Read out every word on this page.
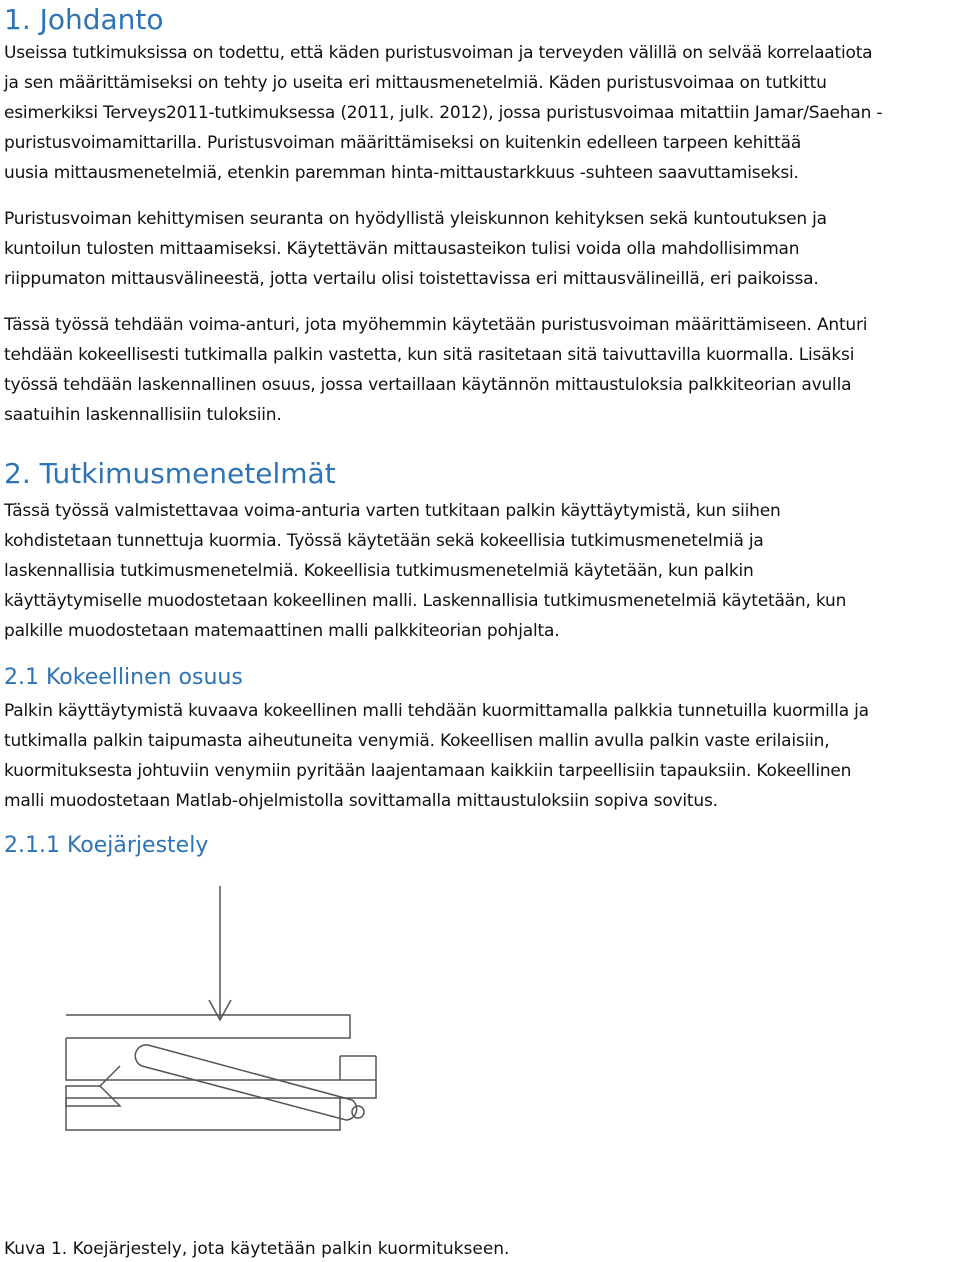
1. Johdanto

Useissa tutkimuksissa on todettu, että käden puristusvoiman ja terveyden välillä on selvää korrelaatiota
ja sen määrittämiseksi on tehty jo useita eri mittausmenetelmiä. Käden puristusvoimaa on tutkittu
esimerkiksi Terveys2011-tutkimuksessa (2011, julk. 2012), jossa puristusvoimaa mitattiin Jamar/Saehan -
puristusvoimamittarilla. Puristusvoiman määrittämiseksi on kuitenkin edelleen tarpeen kehittää
uusia mittausmenetelmiä, etenkin paremman hinta-mittaustarkkuus -suhteen saavuttamiseksi.

Puristusvoiman kehittymisen seuranta on hyödyllistä yleiskunnon kehityksen sekä kuntoutuksen ja
kuntoilun tulosten mittaamiseksi. Käytettävän mittausasteikon tulisi voida olla mahdollisimman
riippumaton mittausvälineestä, jotta vertailu olisi toistettavissa eri mittausvälineillä, eri paikoissa.

Tässä työssä tehdään voima-anturi, jota myöhemmin käytetään puristusvoiman määrittämiseen. Anturi
tehdään kokeellisesti tutkimalla palkin vastetta, kun sitä rasitetaan sitä taivuttavilla kuormalla. Lisäksi
työssä tehdään laskennallinen osuus, jossa vertaillaan käytännön mittaustuloksia palkkiteorian avulla
saatuihin laskennallisiin tuloksiin.

2. Tutkimusmenetelmät

Tässä työssä valmistettavaa voima-anturia varten tutkitaan palkin käyttäytymistä, kun siihen
kohdistetaan tunnettuja kuormia. Työssä käytetään sekä kokeellisia tutkimusmenetelmiä ja
laskennallisia tutkimusmenetelmiä. Kokeellisia tutkimusmenetelmiä käytetään, kun palkin
käyttäytymiselle muodostetaan kokeellinen malli. Laskennallisia tutkimusmenetelmiä käytetään, kun
palkille muodostetaan matemaattinen malli palkkiteorian pohjalta.

2.1 Kokeellinen osuus

Palkin käyttäytymistä kuvaava kokeellinen malli tehdään kuormittamalla palkkia tunnetuilla kuormilla ja
tutkimalla palkin taipumasta aiheutuneita venymiä. Kokeellisen mallin avulla palkin vaste erilaisiin,
kuormituksesta johtuviin venymiin pyritään laajentamaan kaikkiin tarpeellisiin tapauksiin. Kokeellinen
malli muodostetaan Matlab-ohjelmistolla sovittamalla mittaustuloksiin sopiva sovitus.

2.1.1 Koejärjestely

Kuva 1. Koejärjestely, jota käytetään palkin kuormitukseen.
